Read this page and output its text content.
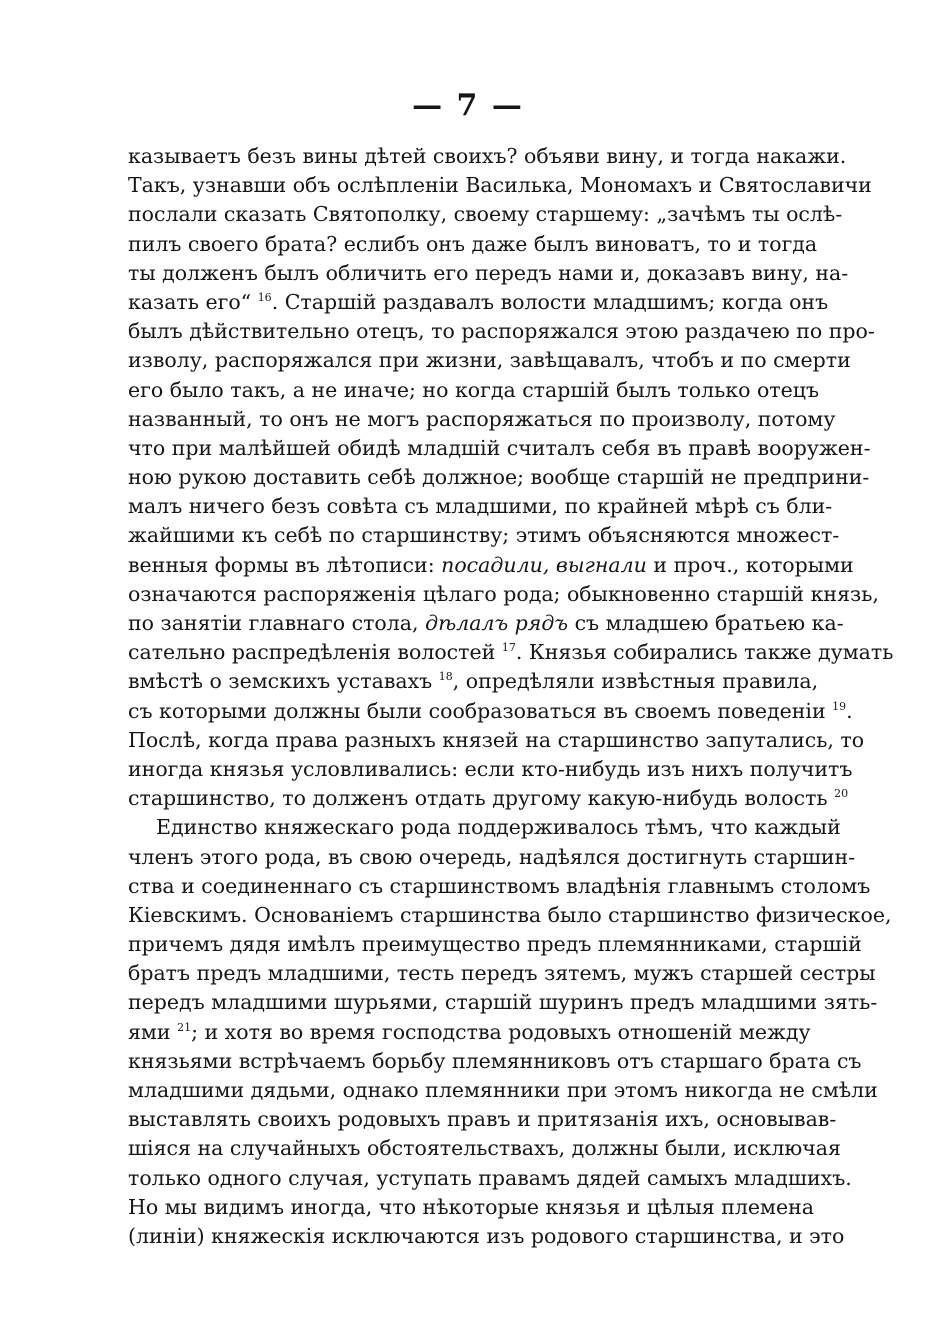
— 7 —
казываетъ безъ вины дѣтей своихъ? объяви вину, и тогда накажи.
Такъ, узнавши объ ослѣпленіи Василька, Мономахъ и Святославичи
послали сказать Святополку, своему старшему: „зачѣмъ ты ослѣ-
пилъ своего брата? еслибъ онъ даже былъ виноватъ, то и тогда
ты долженъ былъ обличить его передъ нами и, доказавъ вину, на-
казать его“ $^{16}$. Старшій раздавалъ волости младшимъ; когда онъ
былъ дѣйствительно отецъ, то распоряжался этою раздачею по про-
изволу, распоряжался при жизни, завѣщавалъ, чтобъ и по смерти
его было такъ, а не иначе; но когда старшій былъ только отецъ
названный, то онъ не могъ распоряжаться по произволу, потому
что при малѣйшей обидѣ младшій считалъ себя въ правѣ вооружен-
ною рукою доставить себѣ должное; вообще старшій не предприни-
малъ ничего безъ совѣта съ младшими, по крайней мѣрѣ съ бли-
жайшими къ себѣ по старшинству; этимъ объясняются множест-
венныя формы въ лѣтописи: посадили, выгнали и проч., которыми
означаются распоряженія цѣлаго рода; обыкновенно старшій князь,
по занятіи главнаго стола, дѣлалъ рядъ съ младшею братьею ка-
сательно распредѣленія волостей $^{17}$. Князья собирались также думать
вмѣстѣ о земскихъ уставахъ $^{18}$, опредѣляли извѣстныя правила,
съ которыми должны были сообразоваться въ своемъ поведеніи $^{19}$.
Послѣ, когда права разныхъ князей на старшинство запутались, то
иногда князья условливались: если кто-нибудь изъ нихъ получитъ
старшинство, то долженъ отдать другому какую-нибудь волость $^{20}$
Единство княжескаго рода поддерживалось тѣмъ, что каждый
членъ этого рода, въ свою очередь, надѣялся достигнуть старшин-
ства и соединеннаго съ старшинствомъ владѣнія главнымъ столомъ
Кіевскимъ. Основаніемъ старшинства было старшинство физическое,
причемъ дядя имѣлъ преимущество предъ племянниками, старшій
братъ предъ младшими, тесть передъ зятемъ, мужъ старшей сестры
передъ младшими шурьями, старшій шуринъ предъ младшими зять-
ями $^{21}$; и хотя во время господства родовыхъ отношеній между
князьями встрѣчаемъ борьбу племянниковъ отъ старшаго брата съ
младшими дядьми, однако племянники при этомъ никогда не смѣли
выставлять своихъ родовыхъ правъ и притязанія ихъ, основывав-
шіяся на случайныхъ обстоятельствахъ, должны были, исключая
только одного случая, уступать правамъ дядей самыхъ младшихъ.
Но мы видимъ иногда, что нѣкоторые князья и цѣлыя племена
(линіи) княжескія исключаются изъ родового старшинства, и это
